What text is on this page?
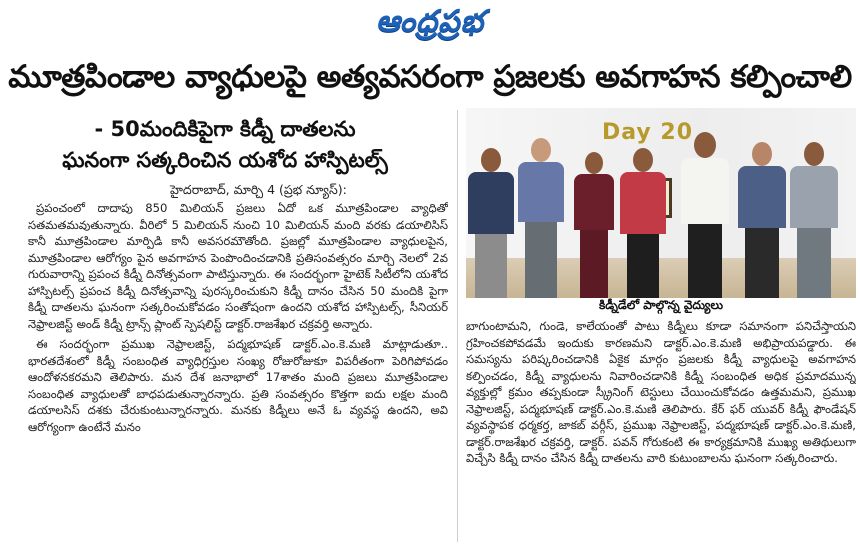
ఆంధ్రప్రభ
మూత్రపిండాల వ్యాధులపై అత్యవసరంగా ప్రజలకు అవగాహన కల్పించాలి
- 50మందికిపైగా కిడ్నీ దాతలను
ఘనంగా సత్కరించిన యశోద హాస్పిటల్స్
హైదరాబాద్, మార్చి 4 (ప్రభ న్యూస్):

ప్రపంచంలో దాదాపు 850 మిలియన్ ప్రజలు ఏదో ఒక మూత్రపిండాల వ్యాధితో సతమతమవుతున్నారు. వీరిలో 5 మిలియన్ నుంచి 10 మిలియన్ మంది వరకు డయాలిసిస్ కానీ మూత్రపిండాల మార్పిడి కానీ అవసరమౌతోంది. ప్రజల్లో మూత్రపిండాల వ్యాధులపైన, మూత్రపిండాల ఆరోగ్యం పైన అవగాహన పెంపొందించడానికి ప్రతిసంవత్సరం మార్చి నెలలో 2వ గురువారాన్ని ప్రపంచ కిడ్నీ దినోత్సవంగా పాటిస్తున్నారు. ఈ సందర్భంగా హైటెక్ సిటీలోని యశోద హాస్పిటల్స్ ప్రపంచ కిడ్నీ దినోత్సవాన్ని పురస్కరించుకుని కిడ్నీ దానం చేసిన 50 మందికి పైగా కిడ్నీ దాతలను ఘనంగా సత్కరించుకోవడం సంతోషంగా ఉందని యశోద హాస్పిటల్స్, సీనియర్ నెఫ్రాలజిస్ట్ అండ్ కిడ్నీ ట్రాన్స్ ప్లాంట్ స్పెషలిస్ట్ డాక్టర్.రాజశేఖర చక్రవర్తి అన్నారు.

ఈ సందర్భంగా ప్రముఖ నెఫ్రాలజిస్ట్, పద్మభూషణ్ డాక్టర్.ఎం.కె.మణి మాట్లాడుతూ.. భారతదేశంలో కిడ్నీ సంబంధిత వ్యాధిగ్రస్తుల సంఖ్య రోజురోజుకూ విపరీతంగా పెరిగిపోవడం ఆందోళనకరమని తెలిపారు. మన దేశ జనాభాలో 17శాతం మంది ప్రజలు మూత్రపిండాల సంబంధిత వ్యాధులతో బాధపడుతున్నారన్నారు. ప్రతి సంవత్సరం కొత్తగా ఐదు లక్షల మంది డయాలసిస్ దశకు చేరుకుంటున్నారన్నారు. మనకు కిడ్నీలు అనే ఓ వ్యవస్థ ఉందని, అవి ఆరోగ్యంగా ఉంటేనే మనం

Day 20
కిడ్నీడేలో పాల్గొన్న వైద్యులు

బాగుంటామని, గుండె, కాలేయంతో పాటు కిడ్నీలు కూడా సమానంగా పనిచేస్తాయని గ్రహించకపోవడమే ఇందుకు కారణమని డాక్టర్.ఎం.కె.మణి అభిప్రాయపడ్డారు. ఈ సమస్యను పరిష్కరించడానికి ఏకైక మార్గం ప్రజలకు కిడ్నీ వ్యాధులపై అవగాహన కల్పించడం, కిడ్నీ వ్యాధులను నివారించడానికి కిడ్నీ సంబంధిత అధిక ప్రమాదమున్న వ్యక్తుల్లో క్రమం తప్పకుండా స్క్రీనింగ్ టెస్టులు చేయించుకోవడం ఉత్తమమని, ప్రముఖ నెఫ్రాలజిస్ట్, పద్మభూషణ్ డాక్టర్.ఎం.కె.మణి తెలిపారు. కేర్ ఫర్ యువర్ కిడ్నీ ఫౌండేషన్ వ్యవస్థాపక ధర్మకర్త, జాకబ్ వర్గీస్, ప్రముఖ నెఫ్రాలజిస్ట్, పద్మభూషణ్ డాక్టర్.ఎం.కె.మణి, డాక్టర్.రాజశేఖర చక్రవర్తి, డాక్టర్. పవన్ గోరుకంటి ఈ కార్యక్రమానికి ముఖ్య అతిథులుగా విచ్చేసి కిడ్నీ దానం చేసిన కిడ్నీ దాతలను వారి కుటుంబాలను ఘనంగా సత్కరించారు.
